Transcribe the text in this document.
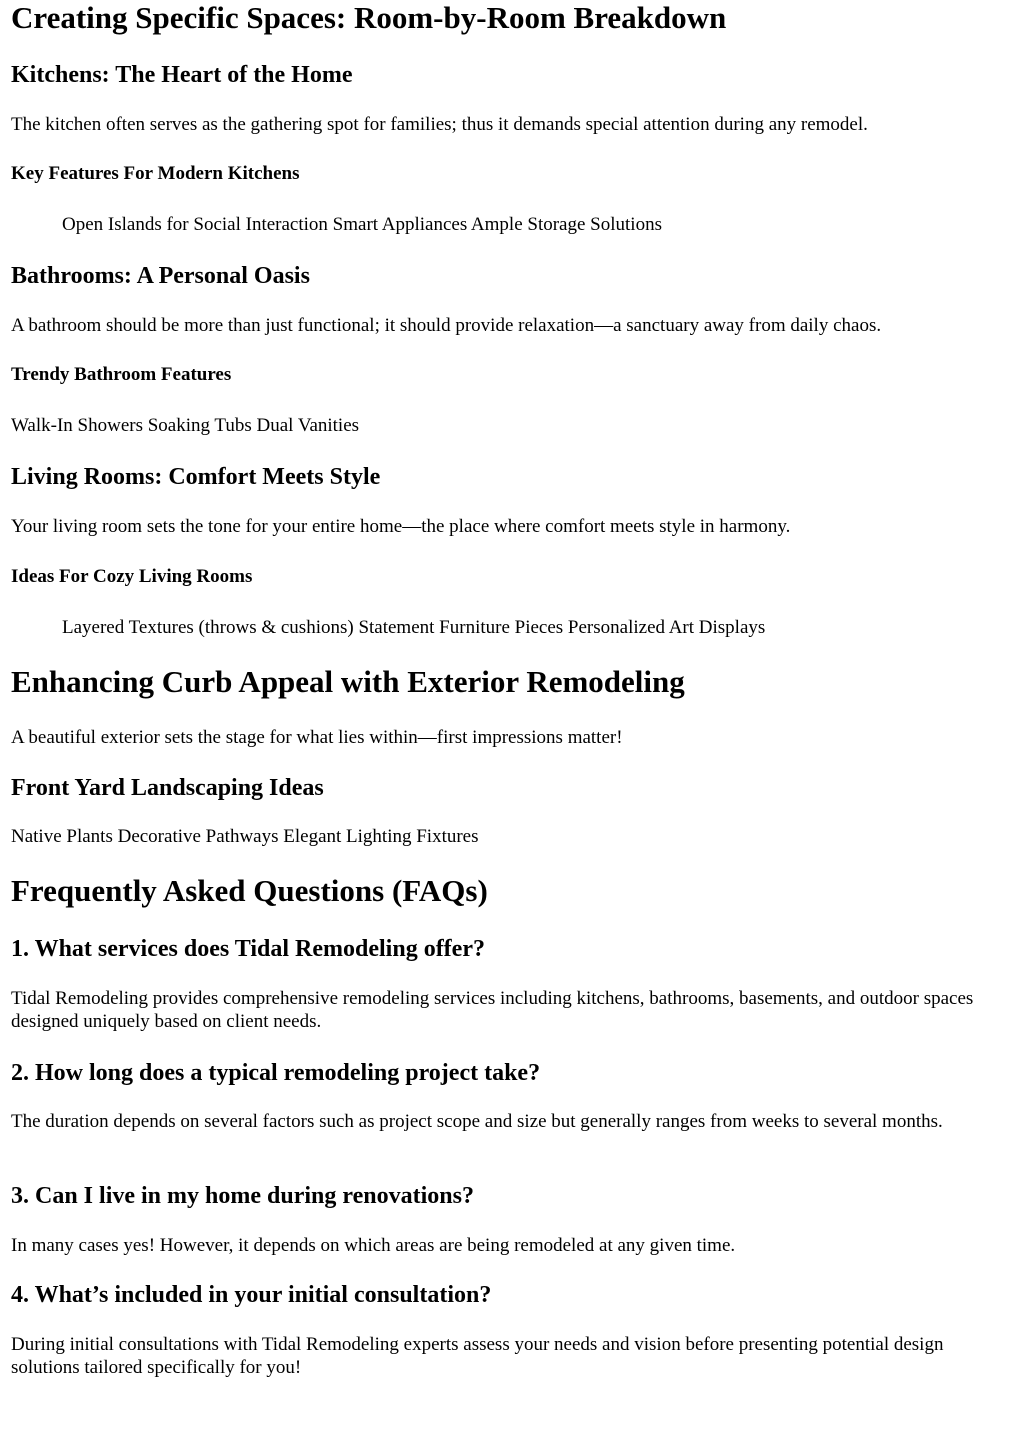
Creating Specific Spaces: Room-by-Room Breakdown
Kitchens: The Heart of the Home

The kitchen often serves as the gathering spot for families; thus it demands special attention during any remodel.

Key Features For Modern Kitchens

Open Islands for Social Interaction Smart Appliances Ample Storage Solutions

Bathrooms: A Personal Oasis

A bathroom should be more than just functional; it should provide relaxation—a sanctuary away from daily chaos.

Trendy Bathroom Features

Walk-In Showers Soaking Tubs Dual Vanities

Living Rooms: Comfort Meets Style

Your living room sets the tone for your entire home—the place where comfort meets style in harmony.

Ideas For Cozy Living Rooms

Layered Textures (throws & cushions) Statement Furniture Pieces Personalized Art Displays

Enhancing Curb Appeal with Exterior Remodeling

A beautiful exterior sets the stage for what lies within—first impressions matter!

Front Yard Landscaping Ideas

Native Plants Decorative Pathways Elegant Lighting Fixtures

Frequently Asked Questions (FAQs)
1. What services does Tidal Remodeling offer?

Tidal Remodeling provides comprehensive remodeling services including kitchens, bathrooms, basements, and outdoor spaces designed uniquely based on client needs.

2. How long does a typical remodeling project take?

The duration depends on several factors such as project scope and size but generally ranges from weeks to several months.

3. Can I live in my home during renovations?

In many cases yes! However, it depends on which areas are being remodeled at any given time.

4. What’s included in your initial consultation?

During initial consultations with Tidal Remodeling experts assess your needs and vision before presenting potential design solutions tailored specifically for you!
